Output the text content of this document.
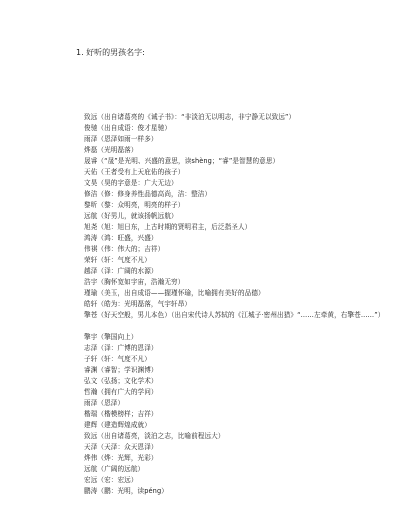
1. 好听的男孩名字:
致远（出自诸葛亮的《诫子书》：“非淡泊无以明志，非宁静无以致远”）
俊驰（出自成语：俊才星驰）
雨泽（恩泽如雨一样多）
烨磊（光明磊落）
晟睿（“晟”是光明、兴盛的意思，读shèng；“睿”是智慧的意思）
天佑（王者受有上天庇佑的孩子）
文昊（昊的字意是：广大无边）
修洁（修：修身养性品德高尚，洁：整洁）
黎昕（黎：众明亮，明亮的样子）
远航（好男儿，就该扬帆远航）
旭尧（旭：旭日东，上古时期的贤明君主，后泛指圣人）
鸿涛（鸿：旺盛，兴盛）
伟祺（伟：伟大的；吉祥）
荣轩（轩：气度不凡）
越泽（泽：广阔的水源）
浩宇（胸怀宽如宇宙，浩瀚无穷）
瑾瑜（美玉，出自成语——握瑾怀瑜，比喻拥有美好的品德）
皓轩（皓为：光明磊落，气宇轩昂）
擎苍（好天空般，男儿本色）（出自宋代诗人苏轼的《江城子·密州出猎》“……左牵黄，右擎苍……”）
擎宇（擎国向上）
志泽（泽：广博的恩泽）
子轩（轩：气度不凡）
睿渊（睿智；学识渊博）
弘文（弘扬；文化学术）
哲瀚（拥有广大的学问）
雨泽（恩泽）
楷瑞（楷模榜样；吉祥）
建辉（建造辉煌成就）
致远（出自诸葛亮，淡泊之志，比喻前程远大）
天泽（天泽：众天恩泽）
烨伟（烨：光辉，光彩）
远航（广阔的远航）
宏远（宏：宏远）
鹏涛（鹏：光明，读péng）
